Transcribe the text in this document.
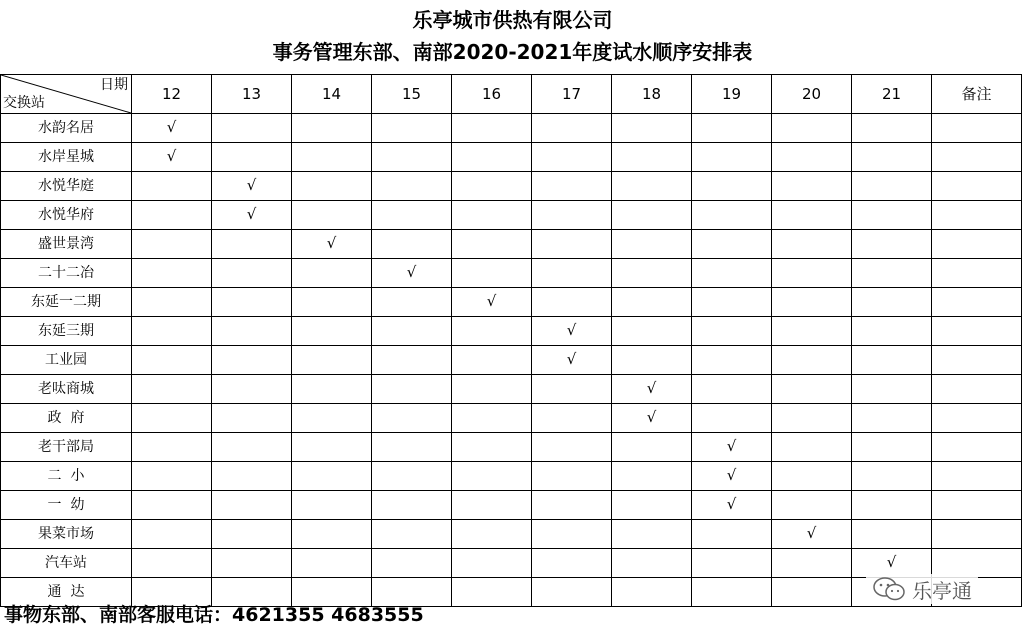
乐亭城市供热有限公司
事务管理东部、南部2020-2021年度试水顺序安排表
日期
交换站	12	13	14	15	16	17	18	19	20	21	备注
水韵名居	√										
水岸星城	√										
水悦华庭		√									
水悦华府		√									
盛世景湾			√								
二十二冶				√							
东延一二期					√						
东延三期						√					
工业园						√					
老呔商城							√				
政  府							√				
老干部局								√			
二  小								√			
一  幼								√			
果菜市场									√		
汽车站										√	
通  达											
事物东部、南部客服电话：4621355 4683555
乐亭通
